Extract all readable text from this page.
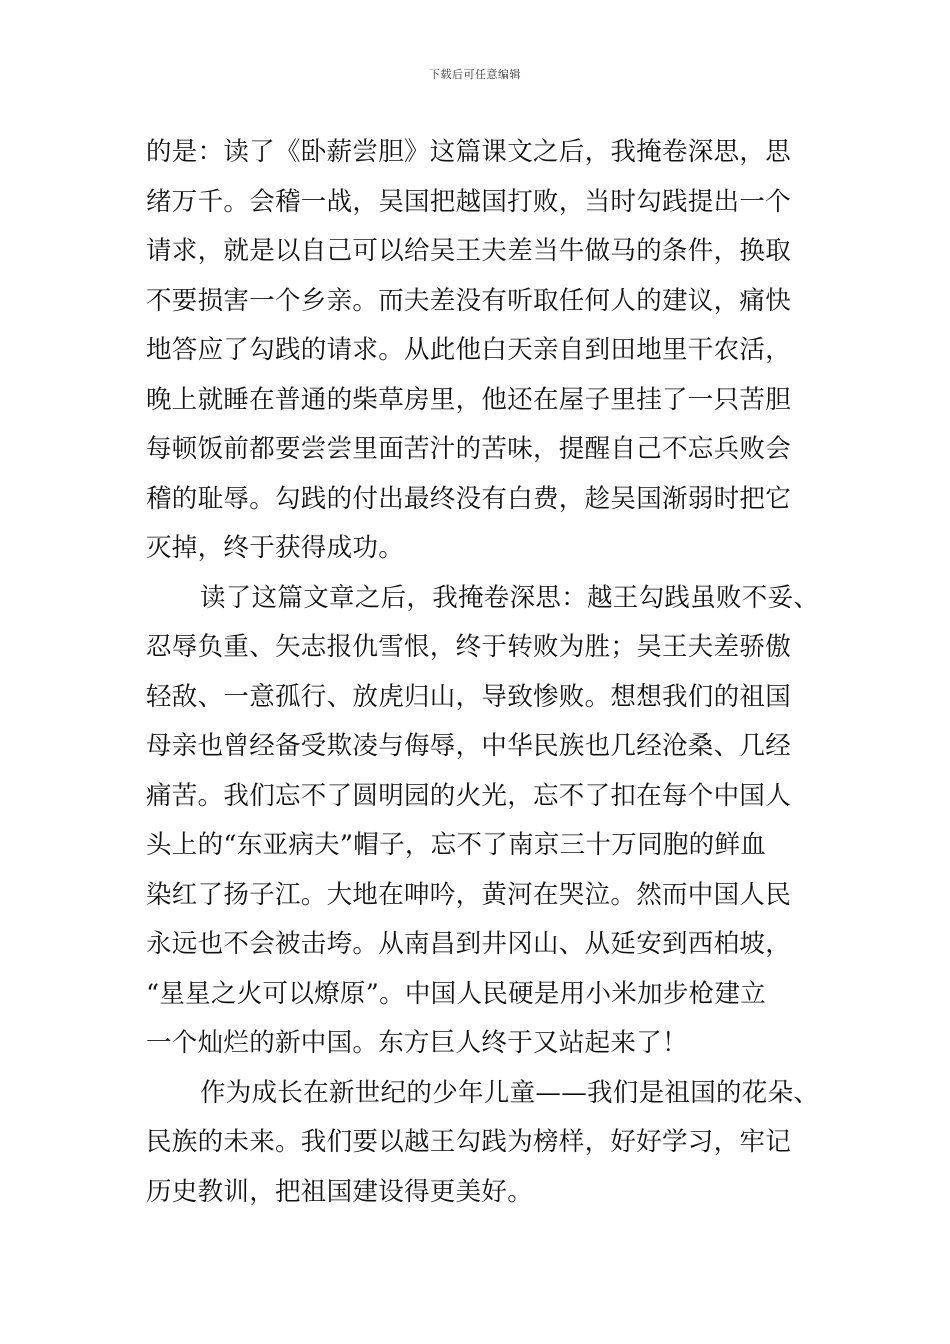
下载后可任意编辑
的是：读了《卧薪尝胆》这篇课文之后，我掩卷深思，思
绪万千。会稽一战，吴国把越国打败，当时勾践提出一个
请求，就是以自己可以给吴王夫差当牛做马的条件，换取
不要损害一个乡亲。而夫差没有听取任何人的建议，痛快
地答应了勾践的请求。从此他白天亲自到田地里干农活，
晚上就睡在普通的柴草房里，他还在屋子里挂了一只苦胆
每顿饭前都要尝尝里面苦汁的苦味，提醒自己不忘兵败会
稽的耻辱。勾践的付出最终没有白费，趁吴国渐弱时把它
灭掉，终于获得成功。
读了这篇文章之后，我掩卷深思：越王勾践虽败不妥、
忍辱负重、矢志报仇雪恨，终于转败为胜；吴王夫差骄傲
轻敌、一意孤行、放虎归山，导致惨败。想想我们的祖国
母亲也曾经备受欺凌与侮辱，中华民族也几经沧桑、几经
痛苦。我们忘不了圆明园的火光，忘不了扣在每个中国人
头上的“东亚病夫”帽子，忘不了南京三十万同胞的鲜血
染红了扬子江。大地在呻吟，黄河在哭泣。然而中国人民
永远也不会被击垮。从南昌到井冈山、从延安到西柏坡，
“星星之火可以燎原”。中国人民硬是用小米加步枪建立
一个灿烂的新中国。东方巨人终于又站起来了！
作为成长在新世纪的少年儿童——我们是祖国的花朵、
民族的未来。我们要以越王勾践为榜样，好好学习，牢记
历史教训，把祖国建设得更美好。
